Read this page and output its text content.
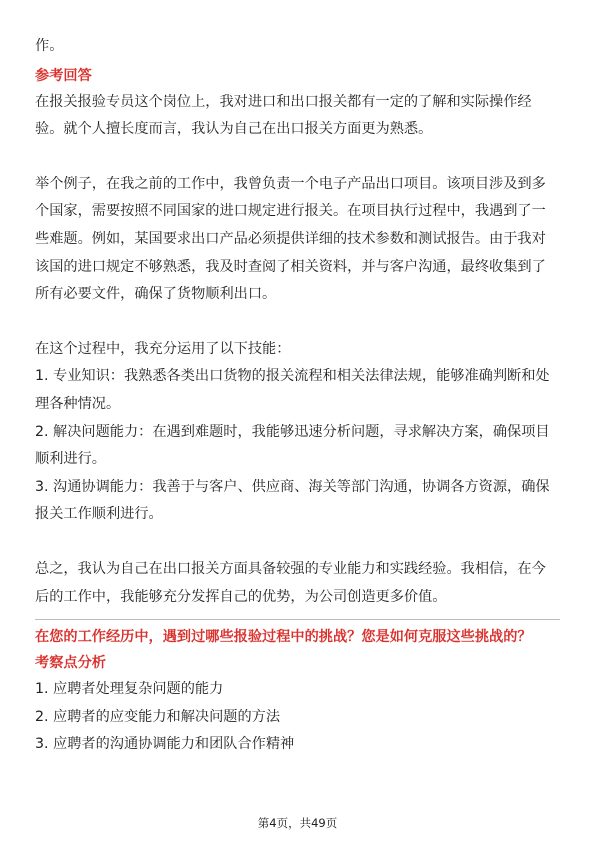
作。
参考回答
在报关报验专员这个岗位上，我对进口和出口报关都有一定的了解和实际操作经
验。就个人擅长度而言，我认为自己在出口报关方面更为熟悉。
举个例子，在我之前的工作中，我曾负责一个电子产品出口项目。该项目涉及到多
个国家，需要按照不同国家的进口规定进行报关。在项目执行过程中，我遇到了一
些难题。例如，某国要求出口产品必须提供详细的技术参数和测试报告。由于我对
该国的进口规定不够熟悉，我及时查阅了相关资料，并与客户沟通，最终收集到了
所有必要文件，确保了货物顺利出口。
在这个过程中，我充分运用了以下技能：
1. 专业知识：我熟悉各类出口货物的报关流程和相关法律法规，能够准确判断和处
理各种情况。
2. 解决问题能力：在遇到难题时，我能够迅速分析问题，寻求解决方案，确保项目
顺利进行。
3. 沟通协调能力：我善于与客户、供应商、海关等部门沟通，协调各方资源，确保
报关工作顺利进行。
总之，我认为自己在出口报关方面具备较强的专业能力和实践经验。我相信，在今
后的工作中，我能够充分发挥自己的优势，为公司创造更多价值。
在您的工作经历中，遇到过哪些报验过程中的挑战？您是如何克服这些挑战的？
考察点分析
1. 应聘者处理复杂问题的能力
2. 应聘者的应变能力和解决问题的方法
3. 应聘者的沟通协调能力和团队合作精神
第4页，共49页
